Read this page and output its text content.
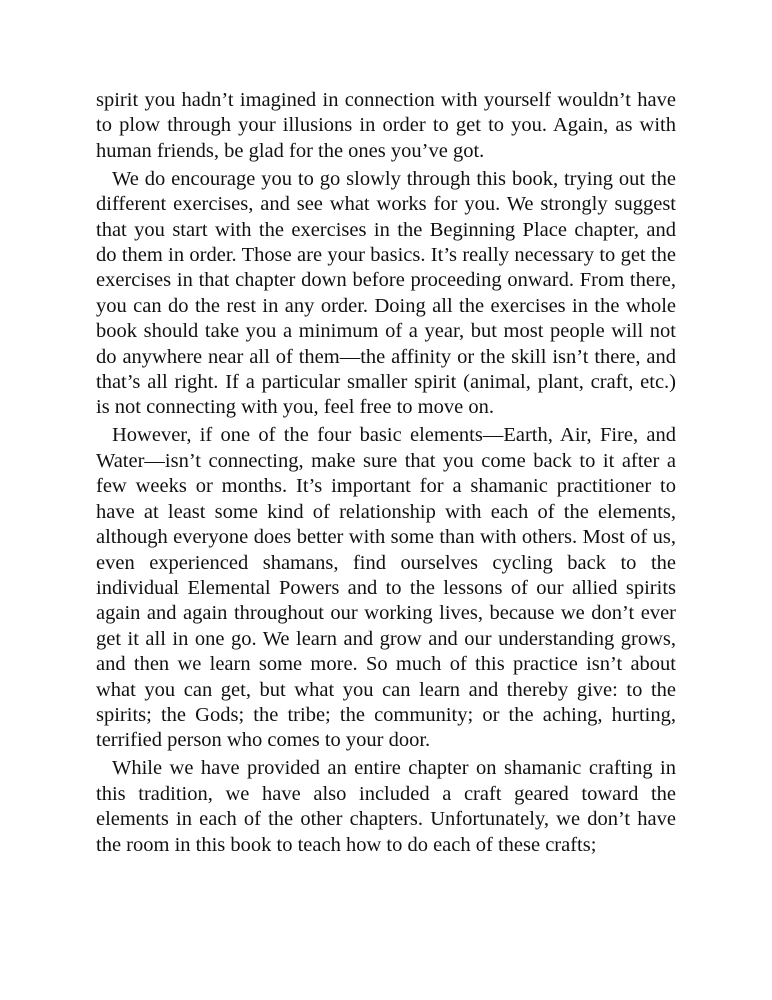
spirit you hadn’t imagined in connection with yourself wouldn’t have to plow through your illusions in order to get to you. Again, as with human friends, be glad for the ones you’ve got.

We do encourage you to go slowly through this book, trying out the different exercises, and see what works for you. We strongly suggest that you start with the exercises in the Beginning Place chapter, and do them in order. Those are your basics. It’s really necessary to get the exercises in that chapter down before proceeding onward. From there, you can do the rest in any order. Doing all the exercises in the whole book should take you a minimum of a year, but most people will not do anywhere near all of them—the affinity or the skill isn’t there, and that’s all right. If a particular smaller spirit (animal, plant, craft, etc.) is not connecting with you, feel free to move on.

However, if one of the four basic elements—Earth, Air, Fire, and Water—isn’t connecting, make sure that you come back to it after a few weeks or months. It’s important for a shamanic practitioner to have at least some kind of relationship with each of the elements, although everyone does better with some than with others. Most of us, even experienced shamans, find ourselves cycling back to the individual Elemental Powers and to the lessons of our allied spirits again and again throughout our working lives, because we don’t ever get it all in one go. We learn and grow and our understanding grows, and then we learn some more. So much of this practice isn’t about what you can get, but what you can learn and thereby give: to the spirits; the Gods; the tribe; the community; or the aching, hurting, terrified person who comes to your door.

While we have provided an entire chapter on shamanic crafting in this tradition, we have also included a craft geared toward the elements in each of the other chapters. Unfortunately, we don’t have the room in this book to teach how to do each of these crafts;
